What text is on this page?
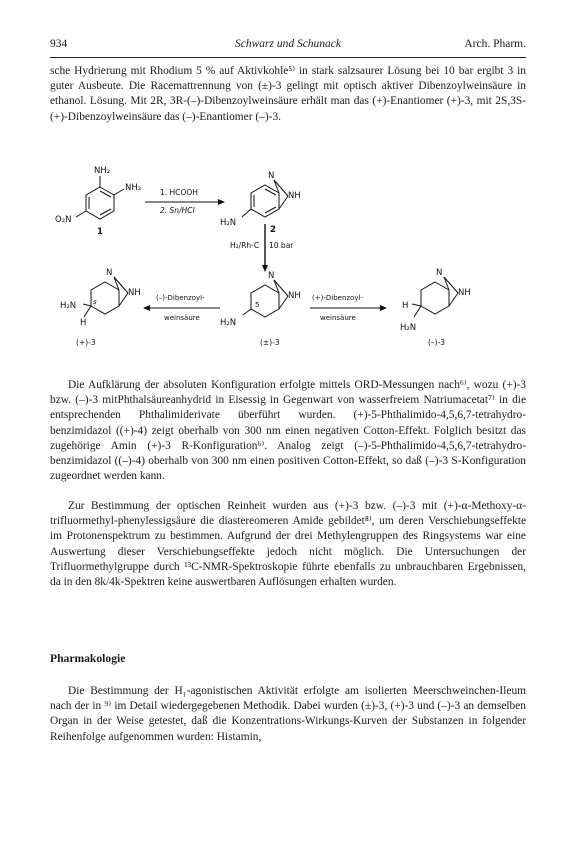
934	Schwarz und Schunack	Arch. Pharm.

sche Hydrierung mit Rhodium 5 % auf Aktivkohle⁵⁾ in stark salzsaurer Lösung bei 10 bar ergibt 3 in guter Ausbeute. Die Racemattrennung von (±)-3 gelingt mit optisch aktiver Dibenzoylweinsäure in ethanol. Lösung. Mit 2R, 3R-(–)-Dibenzoylweinsäure erhält man das (+)-Enantiomer (+)-3, mit 2S,3S-(+)-Dibenzoylweinsäure das (–)-Enantiomer (–)-3.

NH₂
NH₂
O₂N
1
1. HCOOH
2. Sn/HCl
N
NH
H₂N
2
H₂/Rh-C 10 bar
N
NH
H₂N
5
(±)-3
(–)-Dibenzoyl-
weinsäure
N
NH
H₂N s
H
(+)-3
(+)-Dibenzoyl-
weinsäure
N
NH
H
H₂N
(–)-3

Die Aufklärung der absoluten Konfiguration erfolgte mittels ORD-Messungen nach⁶⁾, wozu (+)-3 bzw. (–)-3 mitPhthalsäureanhydrid in Eisessig in Gegenwart von wasserfreiem Natriumacetat⁷⁾ in die entsprechenden Phthalimiderivate überführt wurden. (+)-5-Phthalimido-4,5,6,7-tetrahydro-benzimidazol ((+)-4) zeigt oberhalb von 300 nm einen negativen Cotton-Effekt. Folglich besitzt das zugehörige Amin (+)-3 R-Konfiguration⁶⁾. Analog zeigt (–)-5-Phthalimido-4,5,6,7-tetrahydro-benzimidazol ((–)-4) oberhalb von 300 nm einen positiven Cotton-Effekt, so daß (–)-3 S-Konfiguration zugeordnet werden kann.

Zur Bestimmung der optischen Reinheit wurden aus (+)-3 bzw. (–)-3 mit (+)-α-Methoxy-α-trifluormethyl-phenylessigsäure die diastereomeren Amide gebildet⁸⁾, um deren Verschiebungseffekte im Protonenspektrum zu bestimmen. Aufgrund der drei Methylengruppen des Ringsystems war eine Auswertung dieser Verschiebungseffekte jedoch nicht möglich. Die Untersuchungen der Trifluormethylgruppe durch ¹³C-NMR-Spektroskopie führte ebenfalls zu unbrauchbaren Ergebnissen, da in den 8k/4k-Spektren keine auswertbaren Auflösungen erhalten wurden.

Pharmakologie

Die Bestimmung der H₁-agonistischen Aktivität erfolgte am isolierten Meerschweinchen-Ileum nach der in ⁹⁾ im Detail wiedergegebenen Methodik. Dabei wurden (±)-3, (+)-3 und (–)-3 an demselben Organ in der Weise getestet, daß die Konzentrations-Wirkungs-Kurven der Substanzen in folgender Reihenfolge aufgenommen wurden: Histamin,
